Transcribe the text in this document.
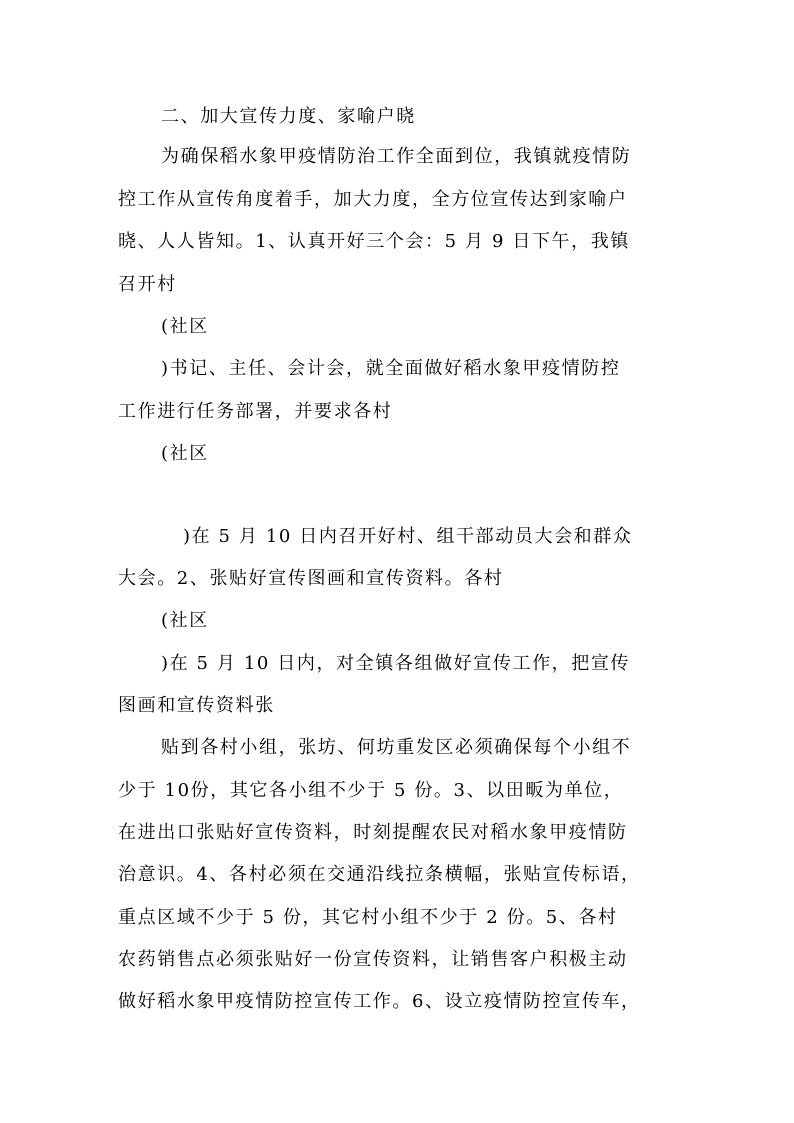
二、加大宣传力度、家喻户晓
为确保稻水象甲疫情防治工作全面到位，我镇就疫情防
控工作从宣传角度着手，加大力度，全方位宣传达到家喻户
晓、人人皆知。1、认真开好三个会：5 月 9 日下午，我镇
召开村
(社区
)书记、主任、会计会，就全面做好稻水象甲疫情防控
工作进行任务部署，并要求各村
(社区
)在 5 月 10 日内召开好村、组干部动员大会和群众
大会。2、张贴好宣传图画和宣传资料。各村
(社区
)在 5 月 10 日内，对全镇各组做好宣传工作，把宣传
图画和宣传资料张
贴到各村小组，张坊、何坊重发区必须确保每个小组不
少于 10份，其它各小组不少于 5 份。3、以田畈为单位，
在进出口张贴好宣传资料，时刻提醒农民对稻水象甲疫情防
治意识。4、各村必须在交通沿线拉条横幅，张贴宣传标语，
重点区域不少于 5 份，其它村小组不少于 2 份。5、各村
农药销售点必须张贴好一份宣传资料，让销售客户积极主动
做好稻水象甲疫情防控宣传工作。6、设立疫情防控宣传车，
